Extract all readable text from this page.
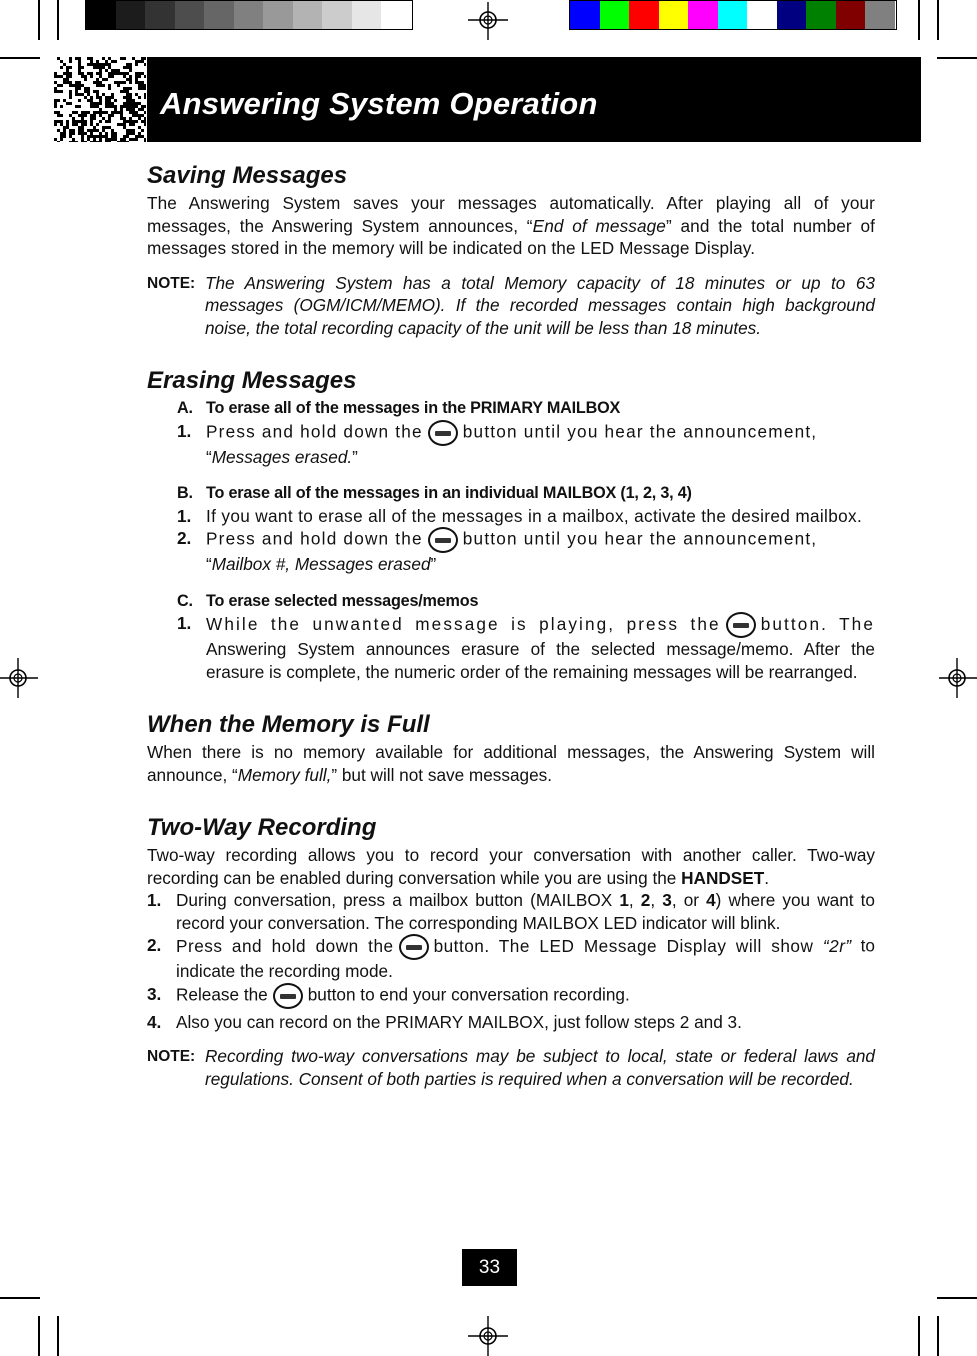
Answering System Operation
Saving Messages

The Answering System saves your messages automatically. After playing all of your messages, the Answering System announces, “End of message” and the total number of messages stored in the memory will be indicated on the LED Message Display.

NOTE: The Answering System has a total Memory capacity of 18 minutes or up to 63 messages (OGM/ICM/MEMO). If the recorded messages contain high background noise, the total recording capacity of the unit will be less than 18 minutes.
Erasing Messages
A. To erase all of the messages in the PRIMARY MAILBOX
1. Press and hold down the button until you hear the announcement,
“Messages erased.”
B. To erase all of the messages in an individual MAILBOX (1, 2, 3, 4)
1. If you want to erase all of the messages in a mailbox, activate the desired mailbox.
2. Press and hold down the button until you hear the announcement,
“Mailbox #, Messages erased”
C. To erase selected messages/memos
1. While the unwanted message is playing, press the button. The Answering System announces erasure of the selected message/memo. After the erasure is complete, the numeric order of the remaining messages will be rearranged.
When the Memory is Full

When there is no memory available for additional messages, the Answering System will announce, “Memory full,” but will not save messages.

Two-Way Recording

Two-way recording allows you to record your conversation with another caller. Two-way recording can be enabled during conversation while you are using the HANDSET.

1. During conversation, press a mailbox button (MAILBOX 1, 2, 3, or 4) where you want to record your conversation. The corresponding MAILBOX LED indicator will blink.
2. Press and hold down the button. The LED Message Display will show “2r” to indicate the recording mode.
3. Release the button to end your conversation recording.
4. Also you can record on the PRIMARY MAILBOX, just follow steps 2 and 3.
NOTE: Recording two-way conversations may be subject to local, state or federal laws and regulations. Consent of both parties is required when a conversation will be recorded.
33
